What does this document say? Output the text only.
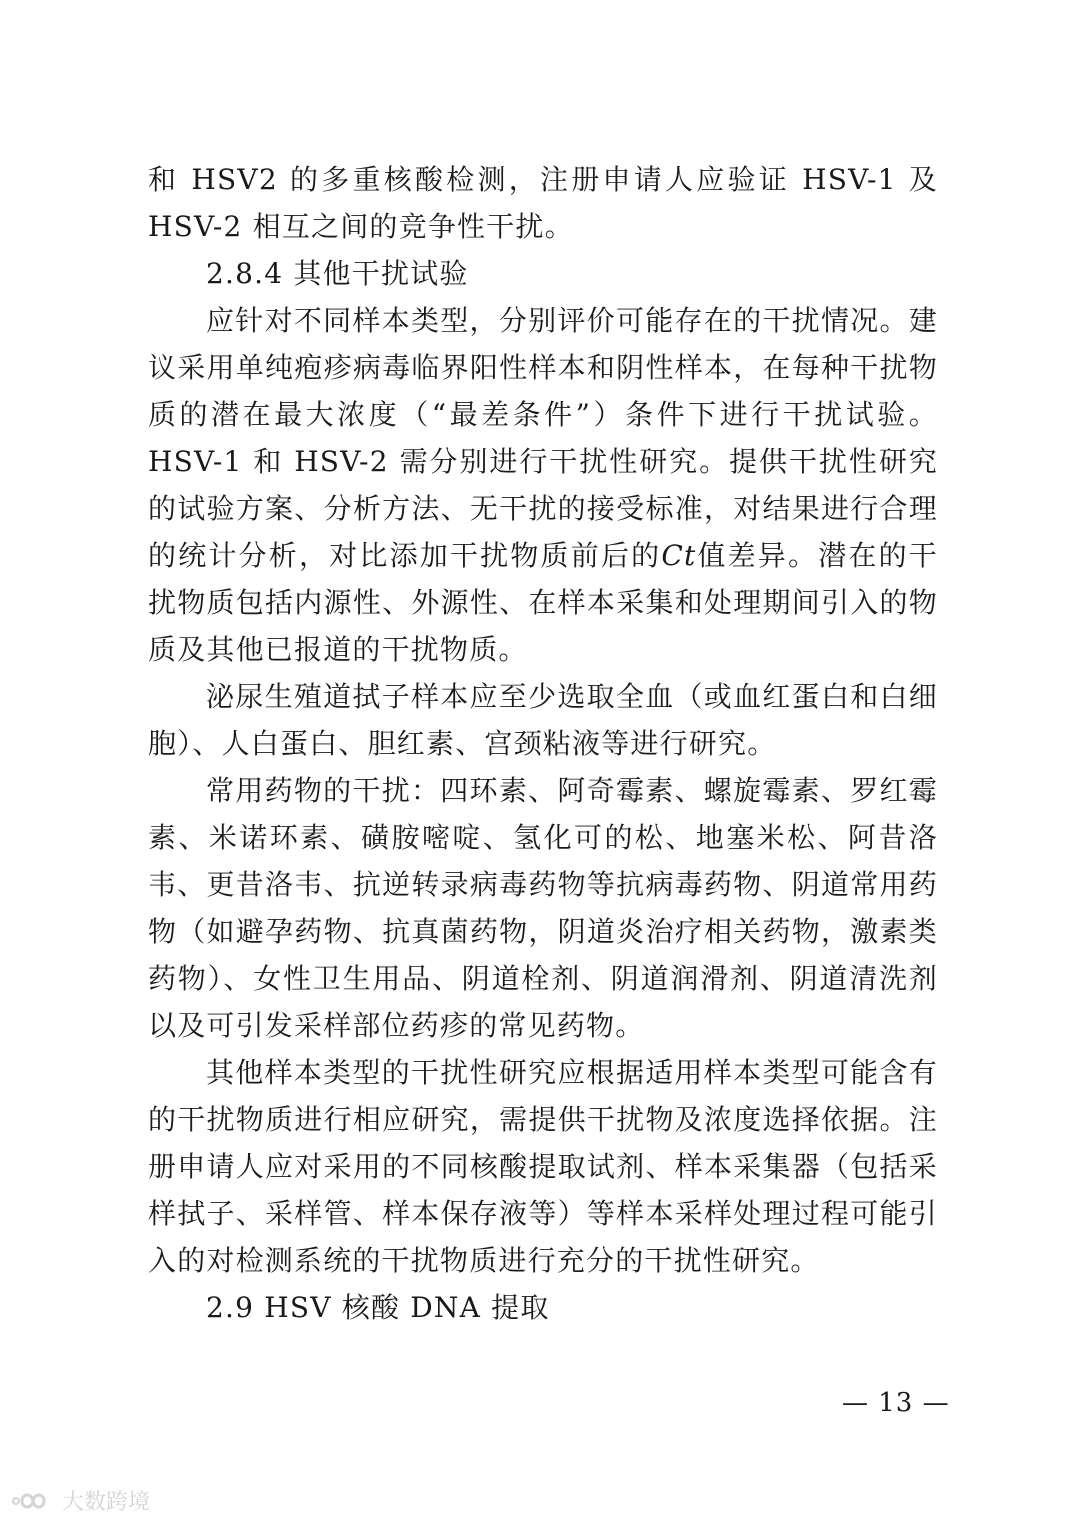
和 HSV2 的多重核酸检测，注册申请人应验证 HSV-1 及 HSV-2 相互之间的竞争性干扰。

2.8.4 其他干扰试验

应针对不同样本类型，分别评价可能存在的干扰情况。建议采用单纯疱疹病毒临界阳性样本和阴性样本，在每种干扰物质的潜在最大浓度（“最差条件”）条件下进行干扰试验。HSV-1 和 HSV-2 需分别进行干扰性研究。提供干扰性研究的试验方案、分析方法、无干扰的接受标准，对结果进行合理的统计分析，对比添加干扰物质前后的Ct值差异。潜在的干扰物质包括内源性、外源性、在样本采集和处理期间引入的物质及其他已报道的干扰物质。

泌尿生殖道拭子样本应至少选取全血（或血红蛋白和白细胞）、人白蛋白、胆红素、宫颈粘液等进行研究。

常用药物的干扰：四环素、阿奇霉素、螺旋霉素、罗红霉素、米诺环素、磺胺嘧啶、氢化可的松、地塞米松、阿昔洛韦、更昔洛韦、抗逆转录病毒药物等抗病毒药物、阴道常用药物（如避孕药物、抗真菌药物，阴道炎治疗相关药物，激素类药物）、女性卫生用品、阴道栓剂、阴道润滑剂、阴道清洗剂以及可引发采样部位药疹的常见药物。

其他样本类型的干扰性研究应根据适用样本类型可能含有的干扰物质进行相应研究，需提供干扰物及浓度选择依据。注册申请人应对采用的不同核酸提取试剂、样本采集器（包括采样拭子、采样管、样本保存液等）等样本采样处理过程可能引入的对检测系统的干扰物质进行充分的干扰性研究。

2.9 HSV 核酸 DNA 提取

— 13 —
大数跨境
